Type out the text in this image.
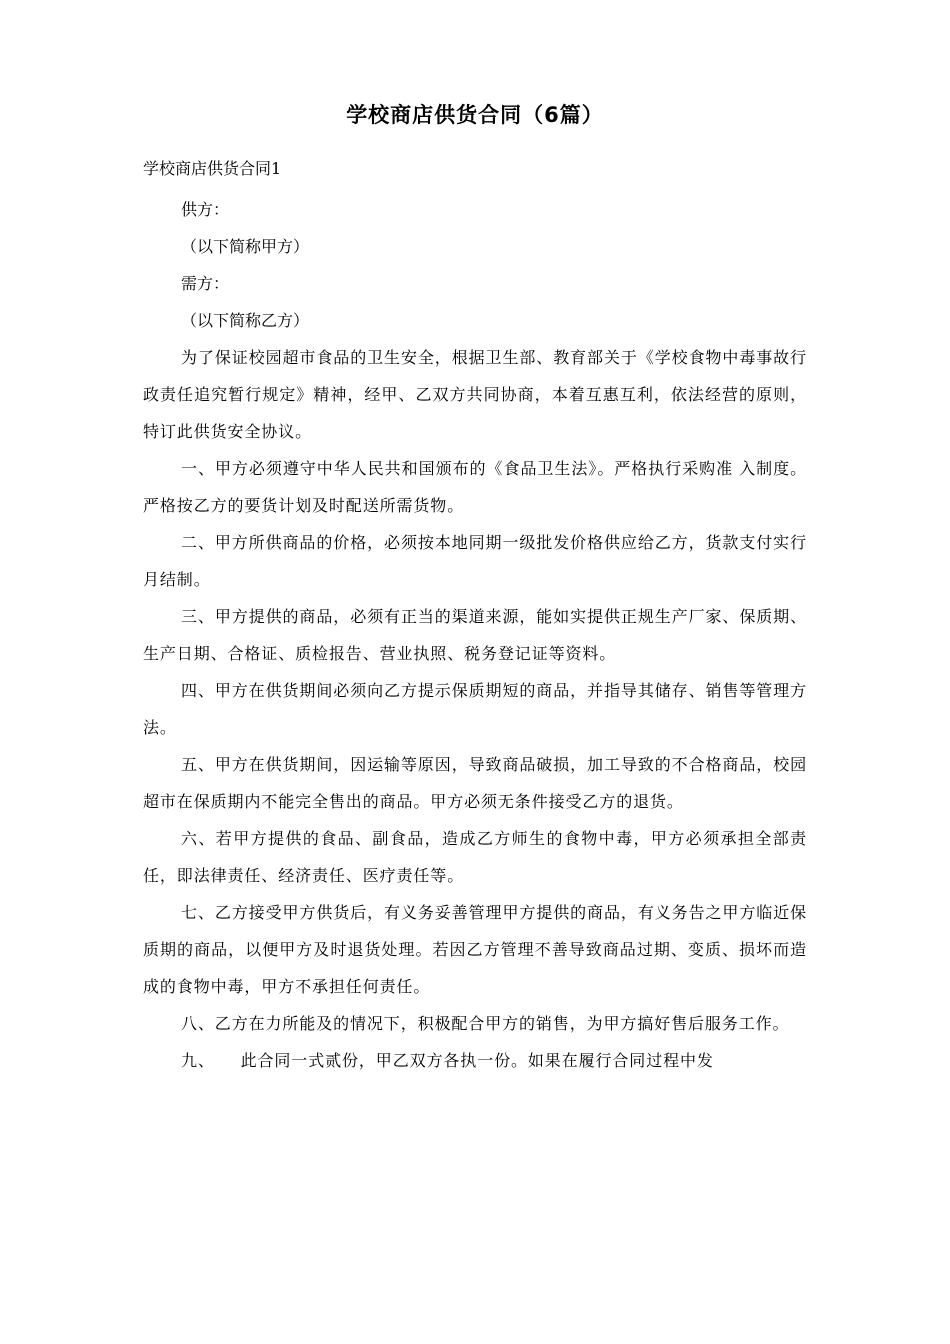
学校商店供货合同（6篇）
学校商店供货合同1
供方：
（以下简称甲方）
需方：
（以下简称乙方）

为了保证校园超市食品的卫生安全，根据卫生部、教育部关于《学校食物中毒事故行政责任追究暂行规定》精神，经甲、乙双方共同协商，本着互惠互利，依法经营的原则，特订此供货安全协议。

一、甲方必须遵守中华人民共和国颁布的《食品卫生法》。严格执行采购准 入制度。严格按乙方的要货计划及时配送所需货物。

二、甲方所供商品的价格，必须按本地同期一级批发价格供应给乙方，货款支付实行月结制。

三、甲方提供的商品，必须有正当的渠道来源，能如实提供正规生产厂家、保质期、生产日期、合格证、质检报告、营业执照、税务登记证等资料。

四、甲方在供货期间必须向乙方提示保质期短的商品，并指导其储存、销售等管理方法。

五、甲方在供货期间，因运输等原因，导致商品破损，加工导致的不合格商品，校园超市在保质期内不能完全售出的商品。甲方必须无条件接受乙方的退货。

六、若甲方提供的食品、副食品，造成乙方师生的食物中毒，甲方必须承担全部责任，即法律责任、经济责任、医疗责任等。

七、乙方接受甲方供货后，有义务妥善管理甲方提供的商品，有义务告之甲方临近保质期的商品，以便甲方及时退货处理。若因乙方管理不善导致商品过期、变质、损坏而造成的食物中毒，甲方不承担任何责任。

八、乙方在力所能及的情况下，积极配合甲方的销售，为甲方搞好售后服务工作。

九、　　此合同一式贰份，甲乙双方各执一份。如果在履行合同过程中发
